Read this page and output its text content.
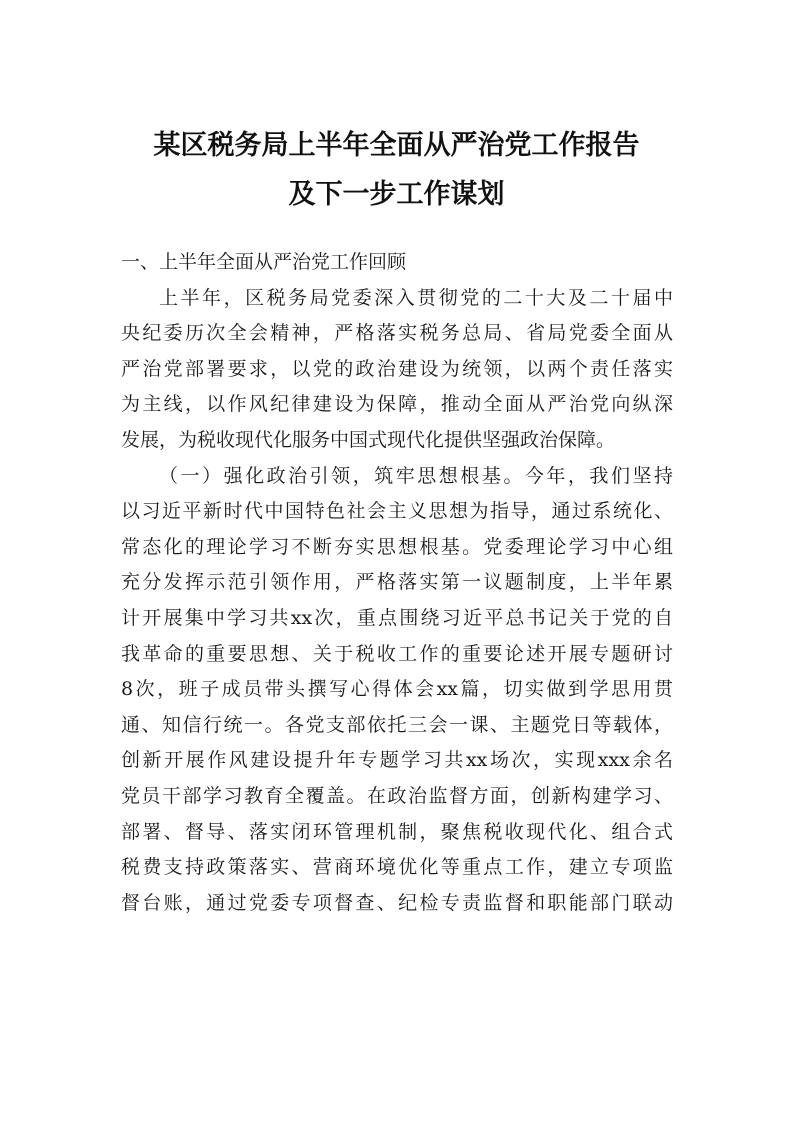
某区税务局上半年全面从严治党工作报告
及下一步工作谋划
一、上半年全面从严治党工作回顾
上半年，区税务局党委深入贯彻党的二十大及二十届中
央纪委历次全会精神，严格落实税务总局、省局党委全面从
严治党部署要求，以党的政治建设为统领，以两个责任落实
为主线，以作风纪律建设为保障，推动全面从严治党向纵深
发展，为税收现代化服务中国式现代化提供坚强政治保障。
（一）强化政治引领，筑牢思想根基。今年，我们坚持
以习近平新时代中国特色社会主义思想为指导，通过系统化、
常态化的理论学习不断夯实思想根基。党委理论学习中心组
充分发挥示范引领作用，严格落实第一议题制度，上半年累
计开展集中学习共xx次，重点围绕习近平总书记关于党的自
我革命的重要思想、关于税收工作的重要论述开展专题研讨
8次，班子成员带头撰写心得体会xx篇，切实做到学思用贯
通、知信行统一。各党支部依托三会一课、主题党日等载体，
创新开展作风建设提升年专题学习共xx场次，实现xxx余名
党员干部学习教育全覆盖。在政治监督方面，创新构建学习、
部署、督导、落实闭环管理机制，聚焦税收现代化、组合式
税费支持政策落实、营商环境优化等重点工作，建立专项监
督台账，通过党委专项督查、纪检专责监督和职能部门联动
